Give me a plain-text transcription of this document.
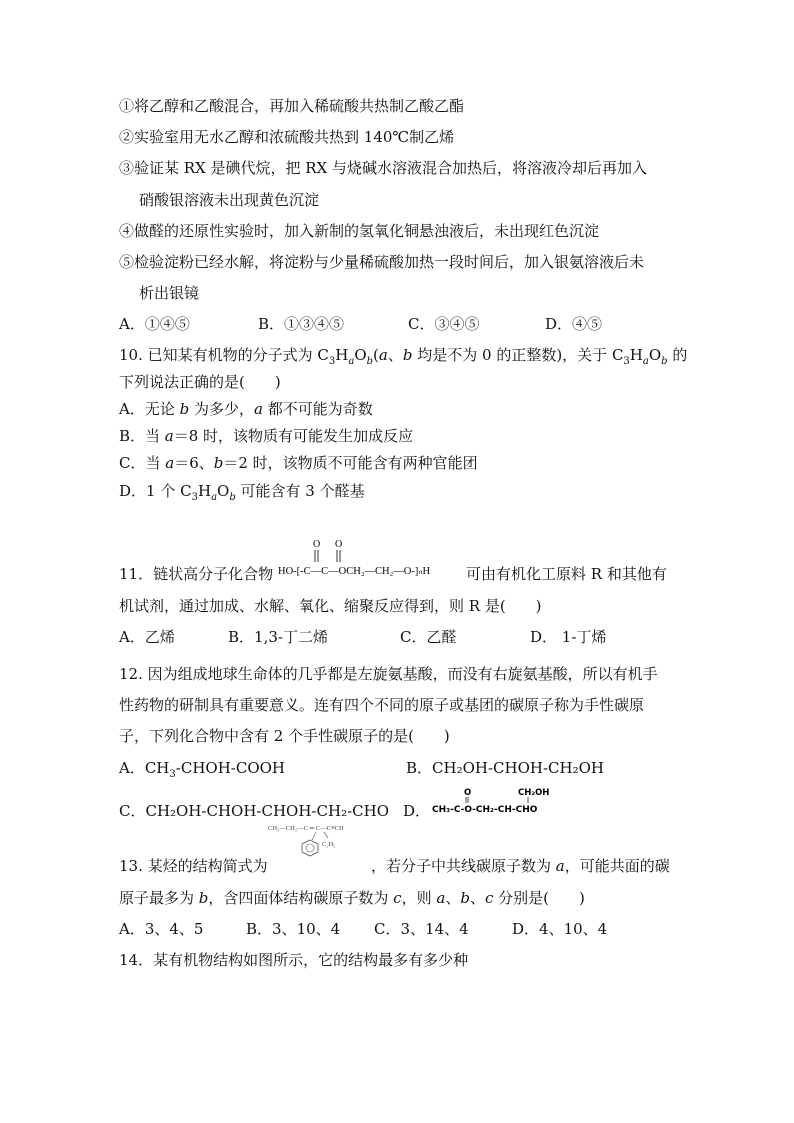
①将乙醇和乙酸混合，再加入稀硫酸共热制乙酸乙酯
②实验室用无水乙醇和浓硫酸共热到 140℃制乙烯
③验证某 RX 是碘代烷，把 RX 与烧碱水溶液混合加热后，将溶液冷却后再加入
硝酸银溶液未出现黄色沉淀
④做醛的还原性实验时，加入新制的氢氧化铜悬浊液后，未出现红色沉淀
⑤检验淀粉已经水解，将淀粉与少量稀硫酸加热一段时间后，加入银氨溶液后未
析出银镜
A．①④⑤	B．①③④⑤	C．③④⑤	D．④⑤
10. 已知某有机物的分子式为 $C_3H_aO_b(a$、b 均是不为 0 的正整数)，关于 $C_3H_aO_b$ 的
下列说法正确的是(　　)
A．无论 b 为多少，a 都不可能为奇数
B．当 a＝8 时，该物质有可能发生加成反应
C．当 a＝6、b＝2 时，该物质不可能含有两种官能团
D．1 个 $C_3H_aO_b$ 可能含有 3 个醛基
11．链状高分子化合物
O O
HO-[-C—C—OCH₂—CH₂—O-]ₙH 可由有机化工原料 R 和其他有
机试剂，通过加成、水解、氧化、缩聚反应得到，则 R 是(　　)
A．乙烯	B．1,3-丁二烯	C．乙醛	D． 1-丁烯
12. 因为组成地球生命体的几乎都是左旋氨基酸，而没有右旋氨基酸，所以有机手
性药物的研制具有重要意义。连有四个不同的原子或基团的碳原子称为手性碳原
子，下列化合物中含有 2 个手性碳原子的是(　　)
A．$CH_3-CHOH$-COOH	B．CH₂OH-CHOH-CH₂OH
C．CH₂OH-CHOH-CHOH-CH₂-CHO D．
O	CH₂OH
CH₃-C-O-CH₂-CH-CHO
CH₃—CH₂—C ═ C—C≡CH
C₂H₅
13. 某烃的结构简式为	，若分子中共线碳原子数为 a，可能共面的碳
原子最多为 b，含四面体结构碳原子数为 c，则 a、b、c 分别是(　　)
A．3、4、5	B．3、10、4 C．3、14、4	D．4、10、4
14．某有机物结构如图所示，它的结构最多有多少种
